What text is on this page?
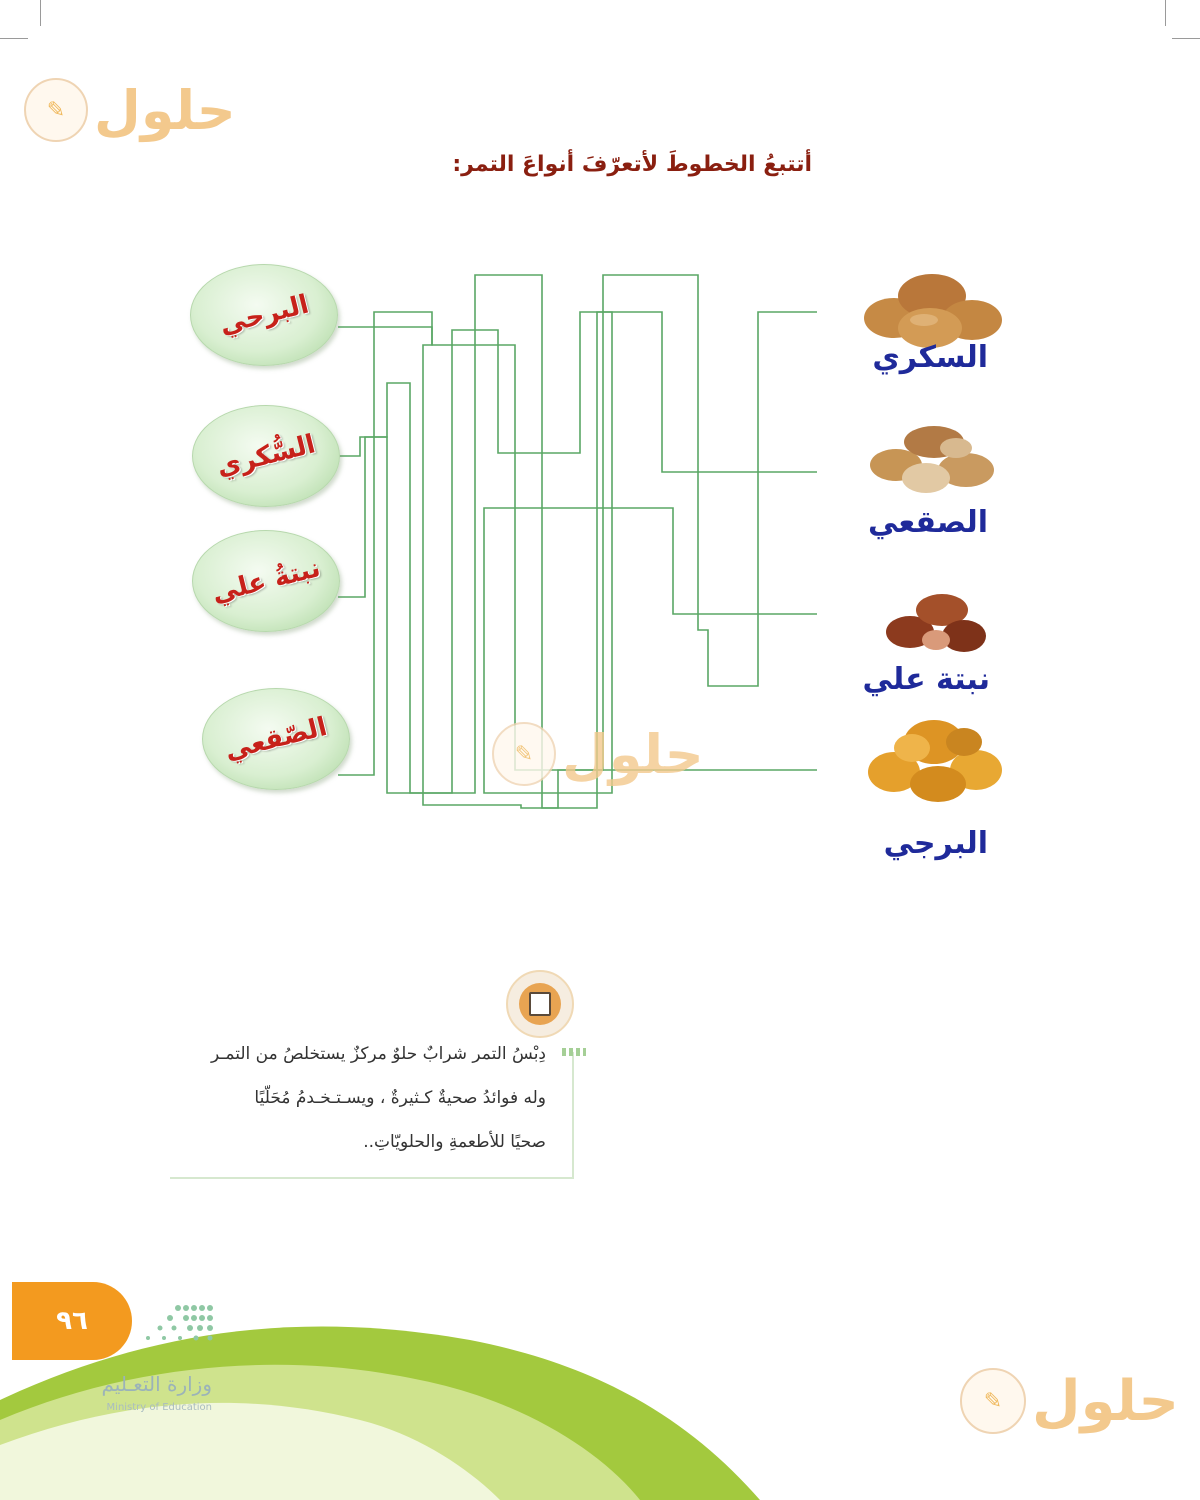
✎ حلول
أتتبعُ الخطوطَ لأتعرّفَ أنواعَ التمر:
البرحي
السُّكري
نبتةُ علي
الصّقعي
السكري
الصقعي
نبتة علي
البرجي
✎ حلول
دِبْسُ التمر شرابٌ حلوٌ مركزٌ يستخلصُ من التمـر
وله فوائدُ صحيةٌ كـثيرةٌ ، ويسـتـخـدمُ مُحَلّيًا
صحيًا للأطعمةِ والحلويّاتِ..
٩٦
وزارة التعـليم
Ministry of Education	✎ حلول
